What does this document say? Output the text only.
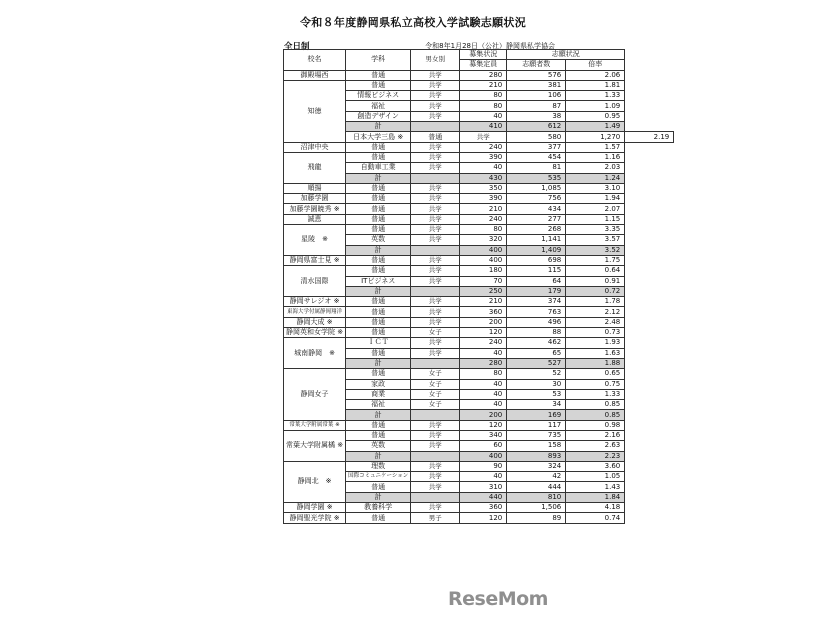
令和８年度静岡県私立高校入学試験志願状況
全日制	令和8年1月28日（公社）静岡県私学協会
校名	学科	男女別	募集状況	志願状況		
			募集定員	志願者数	倍率	
御殿場西	普通	共学	280	576	2.06	
知徳	普通	共学	210	381	1.81	
	情報ビジネス	共学	80	106	1.33	
	福祉	共学	80	87	1.09	
	創造デザイン	共学	40	38	0.95	
	計		410	612	1.49	
	日本大学三島 ※	普通	共学	580	1,270	2.19
沼津中央	普通	共学	240	377	1.57	
飛龍	普通	共学	390	454	1.16	
	自動車工業	共学	40	81	2.03	
	計		430	535	1.24	
順揚	普通	共学	350	1,085	3.10	
加藤学園	普通	共学	390	756	1.94	
加藤学園暁秀 ※	普通	共学	210	434	2.07	
誠恵	普通	共学	240	277	1.15	
星陵　※	普通	共学	80	268	3.35	
	英数	共学	320	1,141	3.57	
	計		400	1,409	3.52	
静岡県富士見 ※	普通	共学	400	698	1.75	
清水国際	普通	共学	180	115	0.64	
	ITビジネス	共学	70	64	0.91	
	計		250	179	0.72	
静岡サレジオ ※	普通	共学	210	374	1.78	
東海大学付属静岡翔洋	普通	共学	360	763	2.12	
静岡大成 ※	普通	共学	200	496	2.48	
静岡英和女学院 ※	普通	女子	120	88	0.73	
城南静岡　※	ＩＣＴ	共学	240	462	1.93	
	普通	共学	40	65	1.63	
	計		280	527	1.88	
静岡女子	普通	女子	80	52	0.65	
	家政	女子	40	30	0.75	
	商業	女子	40	53	1.33	
	福祉	女子	40	34	0.85	
	計		200	169	0.85	
常葉大学附属常葉 ※	普通	共学	120	117	0.98	
常葉大学附属橘 ※	普通	共学	340	735	2.16	
	英数	共学	60	158	2.63	
	計		400	893	2.23	
静岡北　※	理数	共学	90	324	3.60	
	国際コミュニケーション	共学	40	42	1.05	
	普通	共学	310	444	1.43	
	計		440	810	1.84	
静岡学園 ※	教養科学	共学	360	1,506	4.18	
静岡聖光学院 ※	普通	男子	120	89	0.74	
ReseMom
